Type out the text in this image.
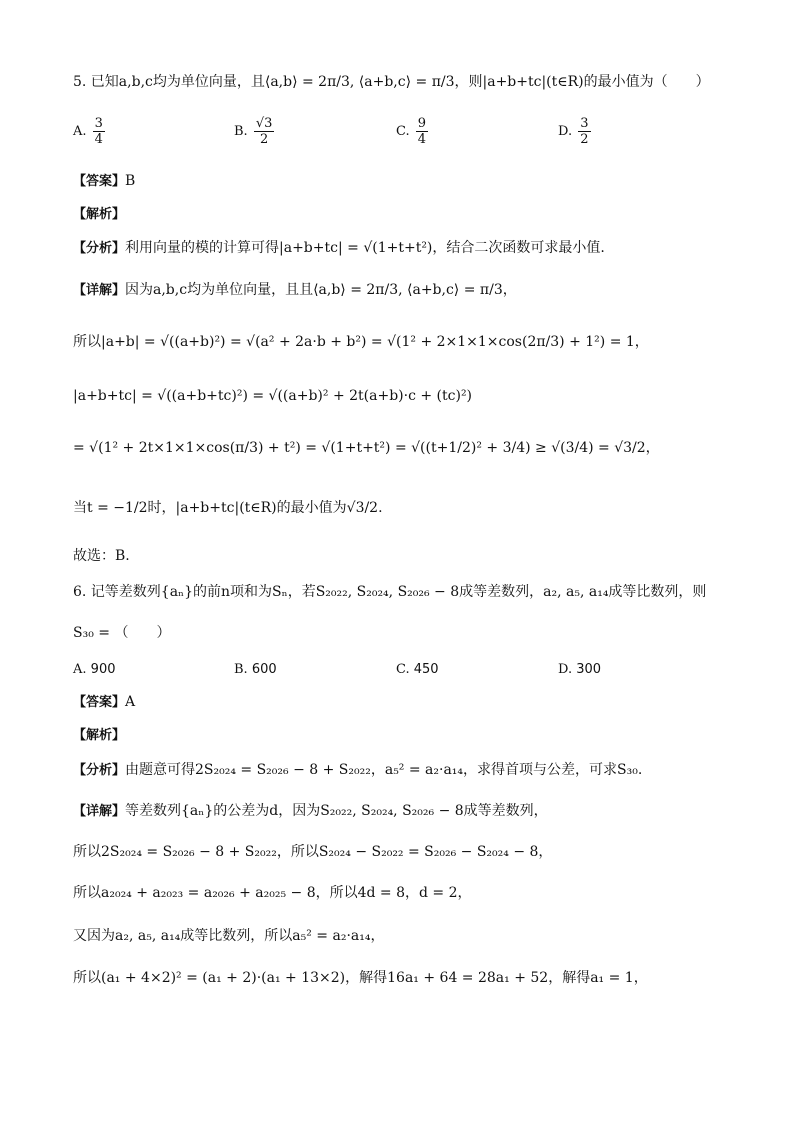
5. 已知a,b,c均为单位向量，且⟨a,b⟩ = 2π/3, ⟨a+b,c⟩ = π/3，则|a+b+tc|(t∈R)的最小值为（　　）
A. $\frac{3}{4}$	B. $\frac{√3}{2}$	C. $\frac{9}{4}$	D. $\frac{3}{2}$
【答案】B
【解析】
【分析】利用向量的模的计算可得|a+b+tc| = √(1+t+t²)，结合二次函数可求最小值.
【详解】因为a,b,c均为单位向量，且且⟨a,b⟩ = 2π/3, ⟨a+b,c⟩ = π/3，
所以|a+b| = √((a+b)²) = √(a² + 2a·b + b²) = √(1² + 2×1×1×cos(2π/3) + 1²) = 1，
|a+b+tc| = √((a+b+tc)²) = √((a+b)² + 2t(a+b)·c + (tc)²)
= √(1² + 2t×1×1×cos(π/3) + t²) = √(1+t+t²) = √((t+1/2)² + 3/4) ≥ √(3/4) = √3/2，
当t = −1/2时，|a+b+tc|(t∈R)的最小值为√3/2.
故选：B.
6. 记等差数列{aₙ}的前n项和为Sₙ，若S₂₀₂₂, S₂₀₂₄, S₂₀₂₆ − 8成等差数列，a₂, a₅, a₁₄成等比数列，则
S₃₀ = （　　）
A. 900	B. 600	C. 450	D. 300
【答案】A
【解析】
【分析】由题意可得2S₂₀₂₄ = S₂₀₂₆ − 8 + S₂₀₂₂，a₅² = a₂·a₁₄，求得首项与公差，可求S₃₀.
【详解】等差数列{aₙ}的公差为d，因为S₂₀₂₂, S₂₀₂₄, S₂₀₂₆ − 8成等差数列，
所以2S₂₀₂₄ = S₂₀₂₆ − 8 + S₂₀₂₂，所以S₂₀₂₄ − S₂₀₂₂ = S₂₀₂₆ − S₂₀₂₄ − 8，
所以a₂₀₂₄ + a₂₀₂₃ = a₂₀₂₆ + a₂₀₂₅ − 8，所以4d = 8，d = 2，
又因为a₂, a₅, a₁₄成等比数列，所以a₅² = a₂·a₁₄，
所以(a₁ + 4×2)² = (a₁ + 2)·(a₁ + 13×2)，解得16a₁ + 64 = 28a₁ + 52，解得a₁ = 1，
